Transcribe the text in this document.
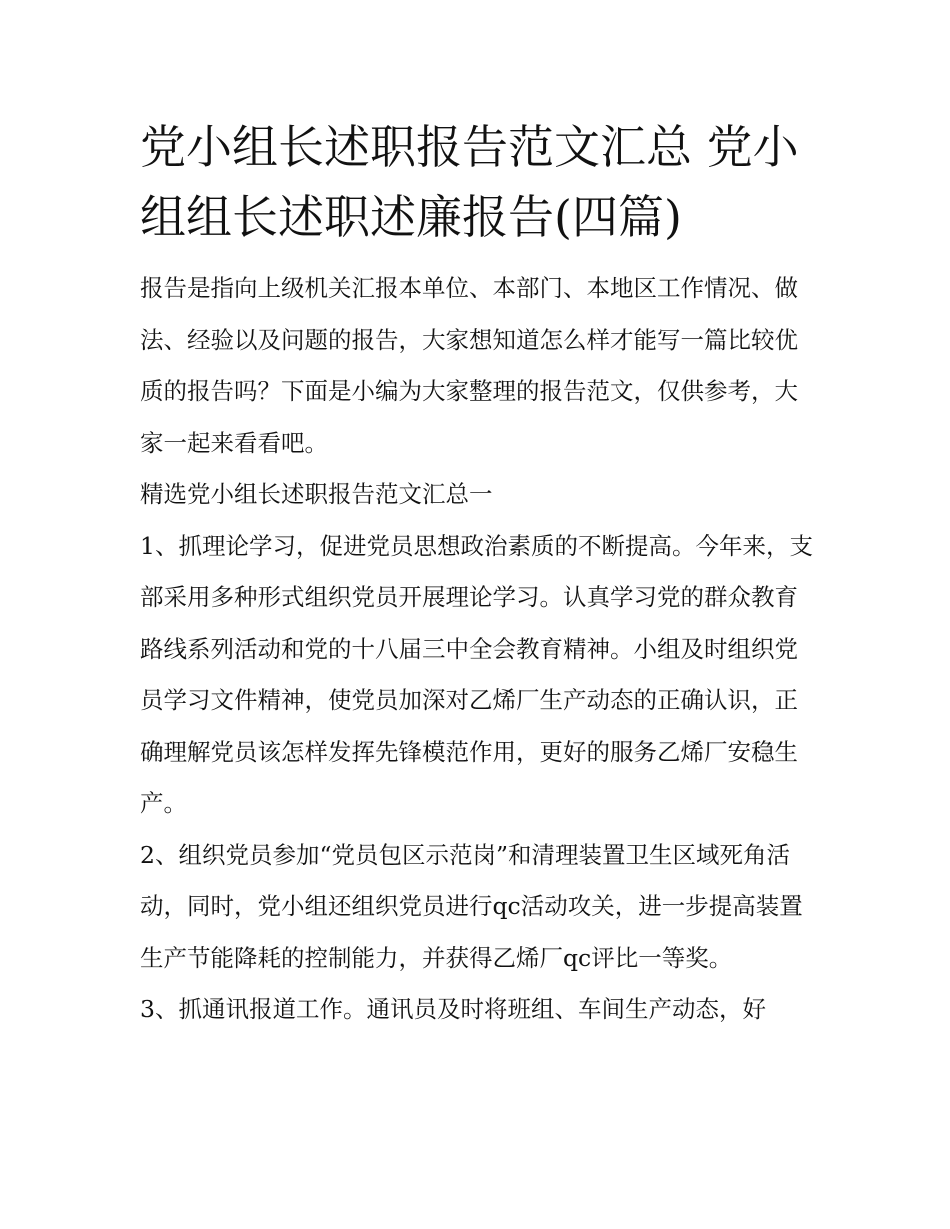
党小组长述职报告范文汇总 党小组组长述职述廉报告(四篇)

报告是指向上级机关汇报本单位、本部门、本地区工作情况、做法、经验以及问题的报告，大家想知道怎么样才能写一篇比较优质的报告吗？下面是小编为大家整理的报告范文，仅供参考，大家一起来看看吧。

精选党小组长述职报告范文汇总一

1、抓理论学习，促进党员思想政治素质的不断提高。今年来，支部采用多种形式组织党员开展理论学习。认真学习党的群众教育路线系列活动和党的十八届三中全会教育精神。小组及时组织党员学习文件精神，使党员加深对乙烯厂生产动态的正确认识，正确理解党员该怎样发挥先锋模范作用，更好的服务乙烯厂安稳生产。

2、组织党员参加“党员包区示范岗”和清理装置卫生区域死角活动，同时，党小组还组织党员进行qc活动攻关，进一步提高装置生产节能降耗的控制能力，并获得乙烯厂qc评比一等奖。

3、抓通讯报道工作。通讯员及时将班组、车间生产动态，好
